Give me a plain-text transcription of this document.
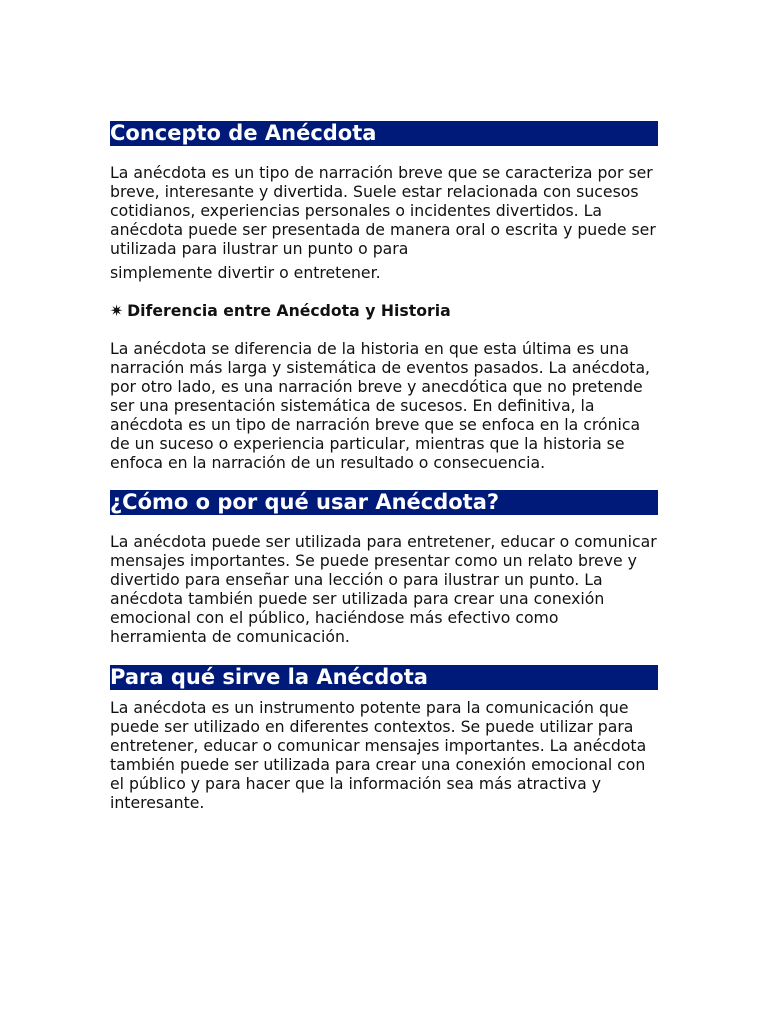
Concepto de Anécdota

La anécdota es un tipo de narración breve que se caracteriza por ser breve, interesante y divertida. Suele estar relacionada con sucesos cotidianos, experiencias personales o incidentes divertidos. La anécdota puede ser presentada de manera oral o escrita y puede ser utilizada para ilustrar un punto o para
simplemente divertir o entretener.

✷ Diferencia entre Anécdota y Historia

La anécdota se diferencia de la historia en que esta última es una narración más larga y sistemática de eventos pasados. La anécdota, por otro lado, es una narración breve y anecdótica que no pretende ser una presentación sistemática de sucesos. En definitiva, la anécdota es un tipo de narración breve que se enfoca en la crónica de un suceso o experiencia particular, mientras que la historia se enfoca en la narración de un resultado o consecuencia.

¿Cómo o por qué usar Anécdota?

La anécdota puede ser utilizada para entretener, educar o comunicar mensajes importantes. Se puede presentar como un relato breve y divertido para enseñar una lección o para ilustrar un punto. La anécdota también puede ser utilizada para crear una conexión emocional con el público, haciéndose más efectivo como herramienta de comunicación.

Para qué sirve la Anécdota

La anécdota es un instrumento potente para la comunicación que puede ser utilizado en diferentes contextos. Se puede utilizar para entretener, educar o comunicar mensajes importantes. La anécdota también puede ser utilizada para crear una conexión emocional con el público y para hacer que la información sea más atractiva y interesante.
